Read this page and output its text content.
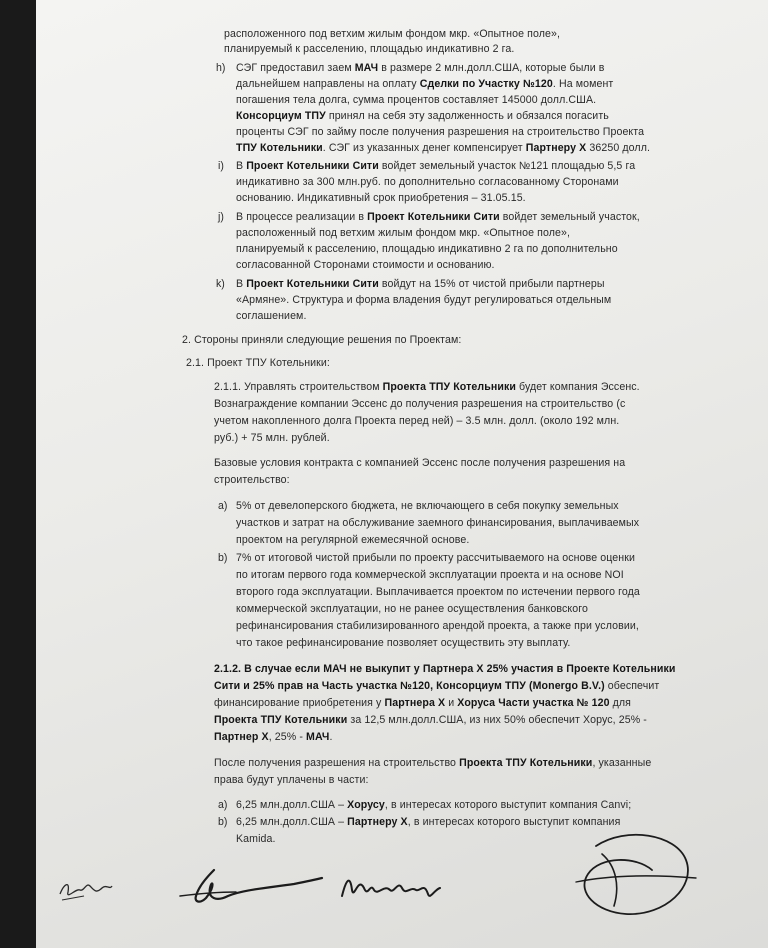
расположенного под ветхим жилым фондом мкр. «Опытное поле»,
планируемый к расселению, площадью индикативно 2 га.
h) СЭГ предоставил заем МАЧ в размере 2 млн.долл.США, которые были в
дальнейшем направлены на оплату Сделки по Участку №120. На момент
погашения тела долга, сумма процентов составляет 145000 долл.США.
Консорциум ТПУ принял на себя эту задолженность и обязался погасить
проценты СЭГ по займу после получения разрешения на строительство Проекта
ТПУ Котельники. СЭГ из указанных денег компенсирует Партнеру Х 36250 долл.
i) В Проект Котельники Сити войдет земельный участок №121 площадью 5,5 га
индикативно за 300 млн.руб. по дополнительно согласованному Сторонами
основанию. Индикативный срок приобретения – 31.05.15.
j) В процессе реализации в Проект Котельники Сити войдет земельный участок,
расположенный под ветхим жилым фондом мкр. «Опытное поле»,
планируемый к расселению, площадью индикативно 2 га по дополнительно
согласованной Сторонами стоимости и основанию.
k) В Проект Котельники Сити войдут на 15% от чистой прибыли партнеры
«Армяне». Структура и форма владения будут регулироваться отдельным
соглашением.
2. Стороны приняли следующие решения по Проектам:
2.1. Проект ТПУ Котельники:
2.1.1. Управлять строительством Проекта ТПУ Котельники будет компания Эссенс.
Вознаграждение компании Эссенс до получения разрешения на строительство (с
учетом накопленного долга Проекта перед ней) – 3.5 млн. долл. (около 192 млн.
руб.) + 75 млн. рублей.
Базовые условия контракта с компанией Эссенс после получения разрешения на
строительство:
a) 5% от девелоперского бюджета, не включающего в себя покупку земельных
участков и затрат на обслуживание заемного финансирования, выплачиваемых
проектом на регулярной ежемесячной основе.
b) 7% от итоговой чистой прибыли по проекту рассчитываемого на основе оценки
по итогам первого года коммерческой эксплуатации проекта и на основе NOI
второго года эксплуатации. Выплачивается проектом по истечении первого года
коммерческой эксплуатации, но не ранее осуществления банковского
рефинансирования стабилизированного арендой проекта, а также при условии,
что такое рефинансирование позволяет осуществить эту выплату.
2.1.2. В случае если МАЧ не выкупит у Партнера Х 25% участия в Проекте Котельники
Сити и 25% прав на Часть участка №120, Консорциум ТПУ (Monergo B.V.) обеспечит
финансирование приобретения у Партнера Х и Хоруса Части участка № 120 для
Проекта ТПУ Котельники за 12,5 млн.долл.США, из них 50% обеспечит Хорус, 25% -
Партнер Х, 25% - МАЧ.
После получения разрешения на строительство Проекта ТПУ Котельники, указанные
права будут уплачены в части:
a) 6,25 млн.долл.США – Хорусу, в интересах которого выступит компания Canvi;
b) 6,25 млн.долл.США – Партнеру Х, в интересах которого выступит компания
Kamida.
